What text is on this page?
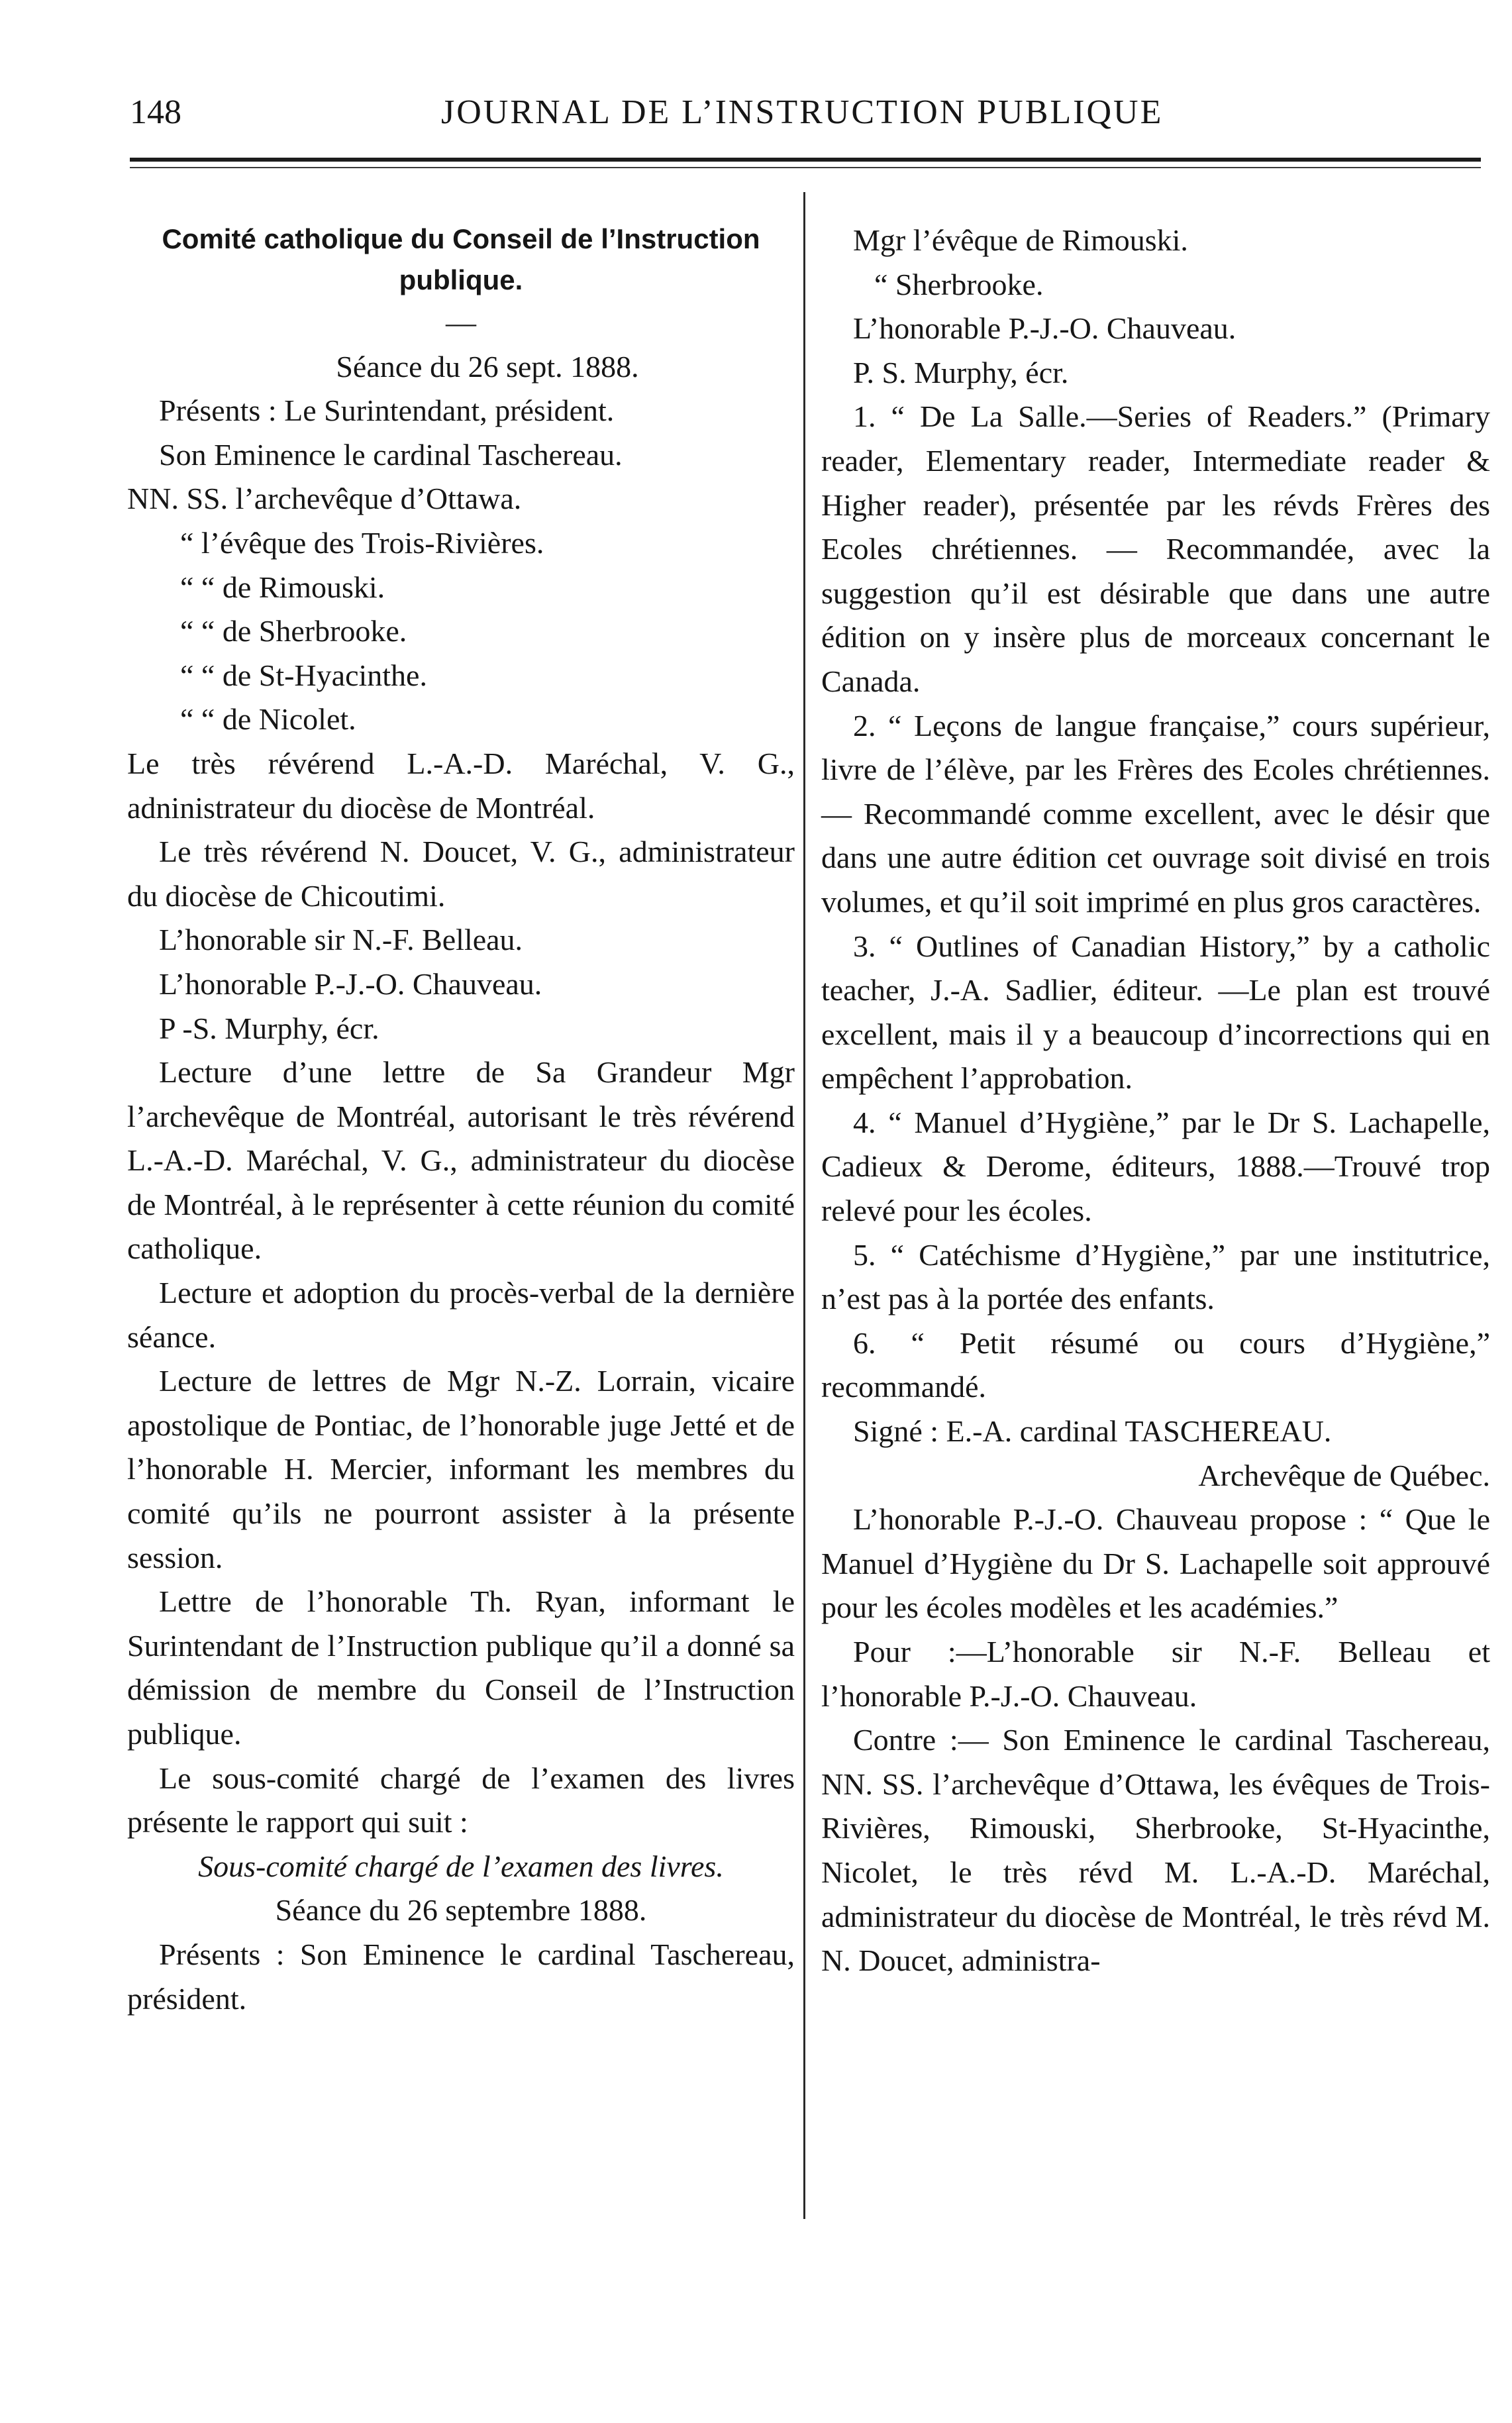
148	JOURNAL DE L’INSTRUCTION PUBLIQUE

Comité catholique du Conseil de l’Instruction publique.

—

Séance du 26 sept. 1888.

Présents : Le Surintendant, président.

Son Eminence le cardinal Taschereau.

NN. SS. l’archevêque d’Ottawa.

“ l’évêque des Trois-Rivières.

“ “ de Rimouski.

“ “ de Sherbrooke.

“ “ de St-Hyacinthe.

“ “ de Nicolet.

Le très révérend L.-A.-D. Maréchal, V. G., adninistrateur du diocèse de Montréal.

Le très révérend N. Doucet, V. G., administrateur du diocèse de Chicoutimi.

L’honorable sir N.-F. Belleau.

L’honorable P.-J.-O. Chauveau.

P -S. Murphy, écr.

Lecture d’une lettre de Sa Grandeur Mgr l’archevêque de Montréal, autorisant le très révérend L.-A.-D. Maréchal, V. G., administrateur du diocèse de Montréal, à le représenter à cette réunion du comité catholique.

Lecture et adoption du procès-verbal de la dernière séance.

Lecture de lettres de Mgr N.-Z. Lorrain, vicaire apostolique de Pontiac, de l’honorable juge Jetté et de l’honorable H. Mercier, informant les membres du comité qu’ils ne pourront assister à la présente session.

Lettre de l’honorable Th. Ryan, informant le Surintendant de l’Instruction publique qu’il a donné sa démission de membre du Conseil de l’Instruction publique.

Le sous-comité chargé de l’examen des livres présente le rapport qui suit :

Sous-comité chargé de l’examen des livres.

Séance du 26 septembre 1888.

Présents : Son Eminence le cardinal Taschereau, président.

Mgr l’évêque de Rimouski.

“ Sherbrooke.

L’honorable P.-J.-O. Chauveau.

P. S. Murphy, écr.

1. “ De La Salle.—Series of Readers.” (Primary reader, Elementary reader, Intermediate reader & Higher reader), présentée par les révds Frères des Ecoles chrétiennes. — Recommandée, avec la suggestion qu’il est désirable que dans une autre édition on y insère plus de morceaux concernant le Canada.

2. “ Leçons de langue française,” cours supérieur, livre de l’élève, par les Frères des Ecoles chrétiennes.— Recommandé comme excellent, avec le désir que dans une autre édition cet ouvrage soit divisé en trois volumes, et qu’il soit imprimé en plus gros caractères.

3. “ Outlines of Canadian History,” by a catholic teacher, J.-A. Sadlier, éditeur. —Le plan est trouvé excellent, mais il y a beaucoup d’incorrections qui en empêchent l’approbation.

4. “ Manuel d’Hygiène,” par le Dr S. Lachapelle, Cadieux & Derome, éditeurs, 1888.—Trouvé trop relevé pour les écoles.

5. “ Catéchisme d’Hygiène,” par une institutrice, n’est pas à la portée des enfants.

6. “ Petit résumé ou cours d’Hygiène,” recommandé.

Signé : E.-A. cardinal TASCHEREAU.

Archevêque de Québec.

L’honorable P.-J.-O. Chauveau propose : “ Que le Manuel d’Hygiène du Dr S. Lachapelle soit approuvé pour les écoles modèles et les académies.”

Pour :—L’honorable sir N.-F. Belleau et l’honorable P.-J.-O. Chauveau.

Contre :— Son Eminence le cardinal Taschereau, NN. SS. l’archevêque d’Ottawa, les évêques de Trois-Rivières, Rimouski, Sherbrooke, St-Hyacinthe, Nicolet, le très révd M. L.-A.-D. Maréchal, administrateur du diocèse de Montréal, le très révd M. N. Doucet, administra-
